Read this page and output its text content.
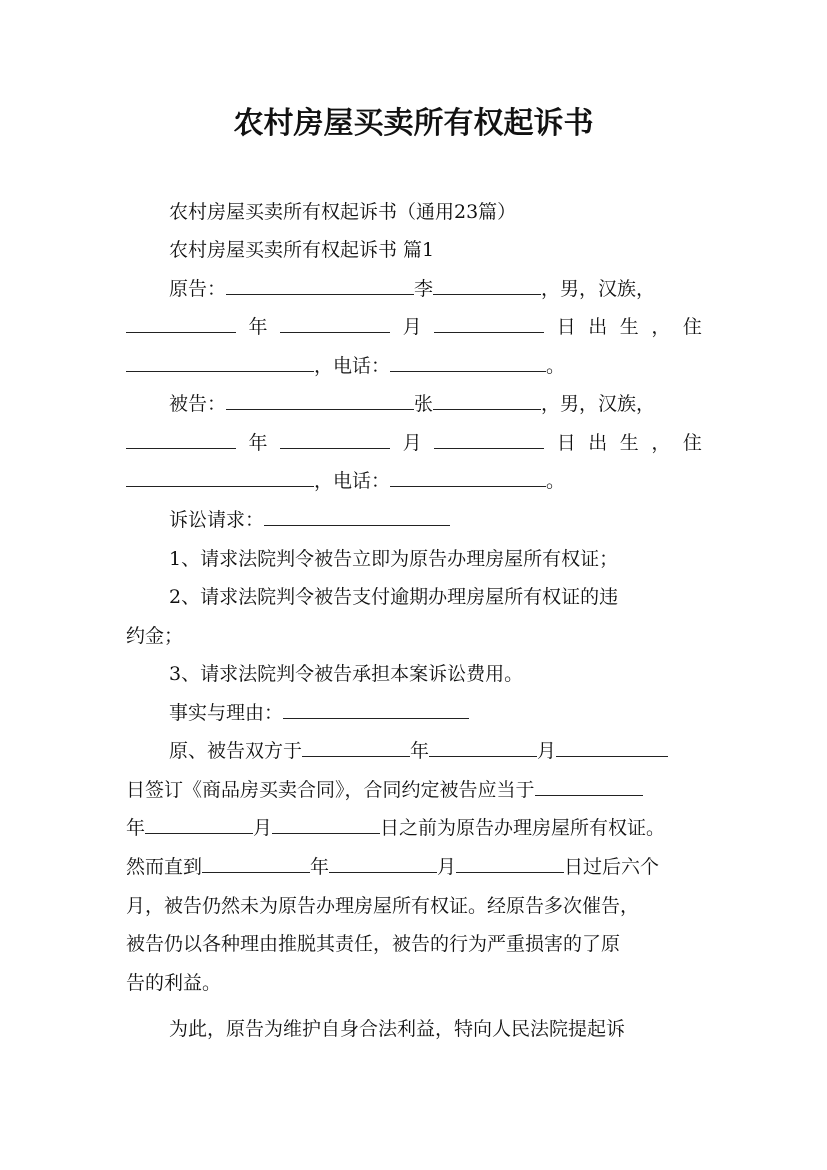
农村房屋买卖所有权起诉书
农村房屋买卖所有权起诉书（通用23篇）
农村房屋买卖所有权起诉书 篇1
原告：	李	，男，汉族，
年	月	日 出 生 ， 住
，电话：	。
被告：	张	，男，汉族，
年	月	日 出 生 ， 住
，电话：	。
诉讼请求：
1、请求法院判令被告立即为原告办理房屋所有权证；
2、请求法院判令被告支付逾期办理房屋所有权证的违
约金；
3、请求法院判令被告承担本案诉讼费用。
事实与理由：
原、被告双方于	年	月
日签订《商品房买卖合同》，合同约定被告应当于
年	月	日之前为原告办理房屋所有权证。
然而直到	年	月	日过后六个
月，被告仍然未为原告办理房屋所有权证。经原告多次催告，
被告仍以各种理由推脱其责任，被告的行为严重损害的了原
告的利益。
为此，原告为维护自身合法利益，特向人民法院提起诉
